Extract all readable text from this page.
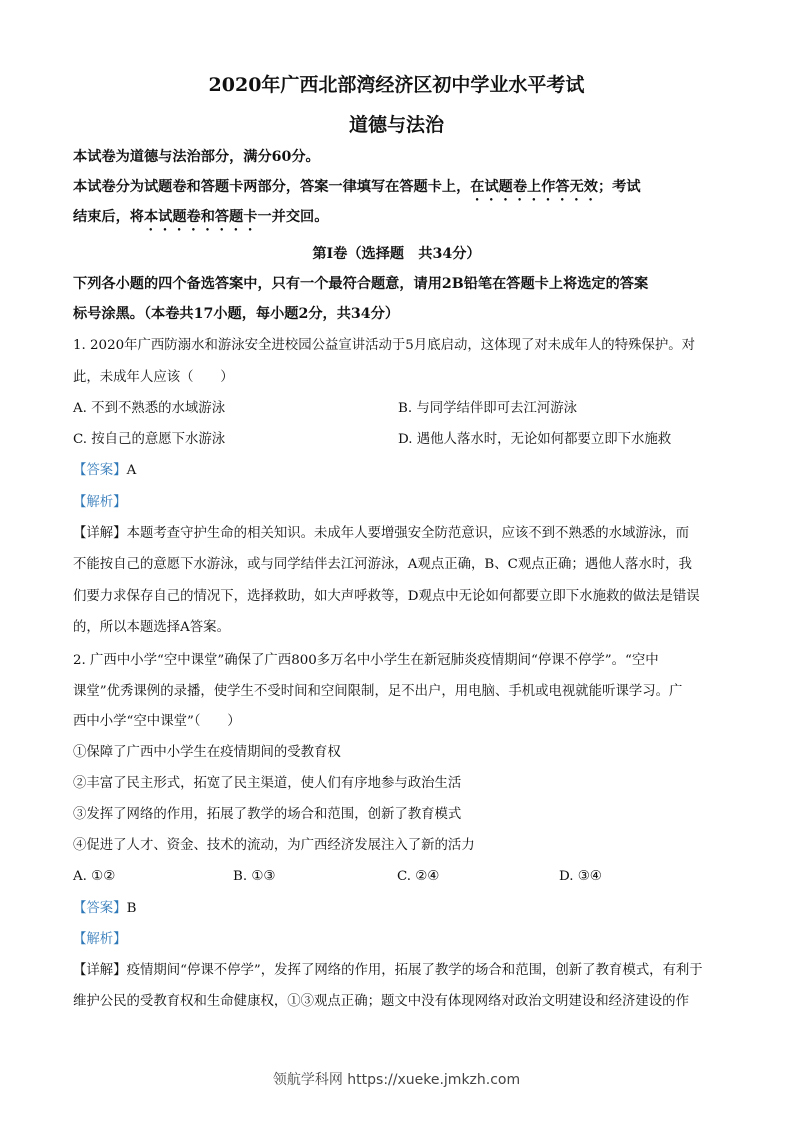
2020年广西北部湾经济区初中学业水平考试
道德与法治
本试卷为道德与法治部分，满分60分。
本试卷分为试题卷和答题卡两部分，答案一律填写在答题卡上，在试题卷上作答无效；考试
结束后，将本试题卷和答题卡一并交回。
第Ⅰ卷（选择题　共34分）
下列各小题的四个备选答案中，只有一个最符合题意，请用2B铅笔在答题卡上将选定的答案
标号涂黑。（本卷共17小题，每小题2分，共34分）
1. 2020年广西防溺水和游泳安全进校园公益宣讲活动于5月底启动，这体现了对未成年人的特殊保护。对
此，未成年人应该（　　）
A. 不到不熟悉的水域游泳	B. 与同学结伴即可去江河游泳
C. 按自己的意愿下水游泳	D. 遇他人落水时，无论如何都要立即下水施救
【答案】A
【解析】
【详解】本题考查守护生命的相关知识。未成年人要增强安全防范意识，应该不到不熟悉的水域游泳，而
不能按自己的意愿下水游泳，或与同学结伴去江河游泳，A观点正确，B、C观点正确；遇他人落水时，我
们要力求保存自己的情况下，选择救助，如大声呼救等，D观点中无论如何都要立即下水施救的做法是错误
的，所以本题选择A答案。
2. 广西中小学“空中课堂”确保了广西800多万名中小学生在新冠肺炎疫情期间“停课不停学”。“空中
课堂”优秀课例的录播，使学生不受时间和空间限制，足不出户，用电脑、手机或电视就能听课学习。广
西中小学“空中课堂”（　　）
①保障了广西中小学生在疫情期间的受教育权
②丰富了民主形式，拓宽了民主渠道，使人们有序地参与政治生活
③发挥了网络的作用，拓展了教学的场合和范围，创新了教育模式
④促进了人才、资金、技术的流动，为广西经济发展注入了新的活力
A. ①②	B. ①③	C. ②④	D. ③④
【答案】B
【解析】
【详解】疫情期间“停课不停学”，发挥了网络的作用，拓展了教学的场合和范围，创新了教育模式，有利于
维护公民的受教育权和生命健康权，①③观点正确；题文中没有体现网络对政治文明建设和经济建设的作
领航学科网 https://xueke.jmkzh.com
